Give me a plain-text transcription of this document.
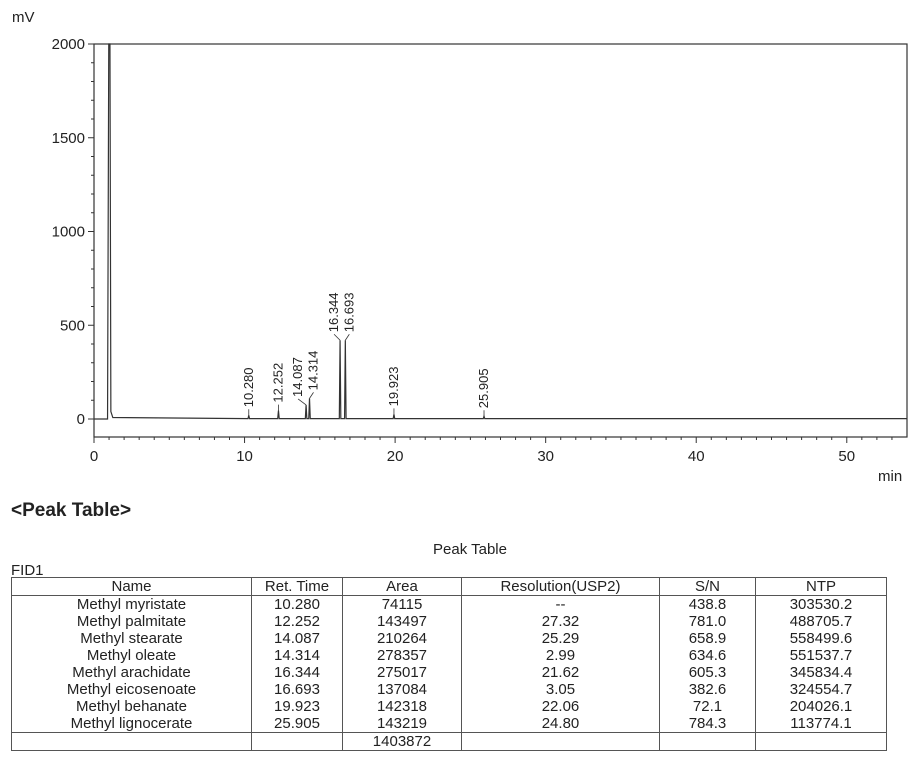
0
500
1000
1500
2000
0	10	20	30	40	50
mV
min
10.280 12.252 14.087 14.314
16.344 16.693
19.923	25.905
<Peak Table>
Peak Table
FID1
Name	Ret. Time	Area	Resolution(USP2)	S/N	NTP
Methyl myristate	10.280	74115	--	438.8	303530.2
Methyl palmitate	12.252	143497	27.32	781.0	488705.7
Methyl stearate	14.087	210264	25.29	658.9	558499.6
Methyl oleate	14.314	278357	2.99	634.6	551537.7
Methyl arachidate	16.344	275017	21.62	605.3	345834.4
Methyl eicosenoate	16.693	137084	3.05	382.6	324554.7
Methyl behanate	19.923	142318	22.06	72.1	204026.1
Methyl lignocerate	25.905	143219	24.80	784.3	113774.1
		1403872			
